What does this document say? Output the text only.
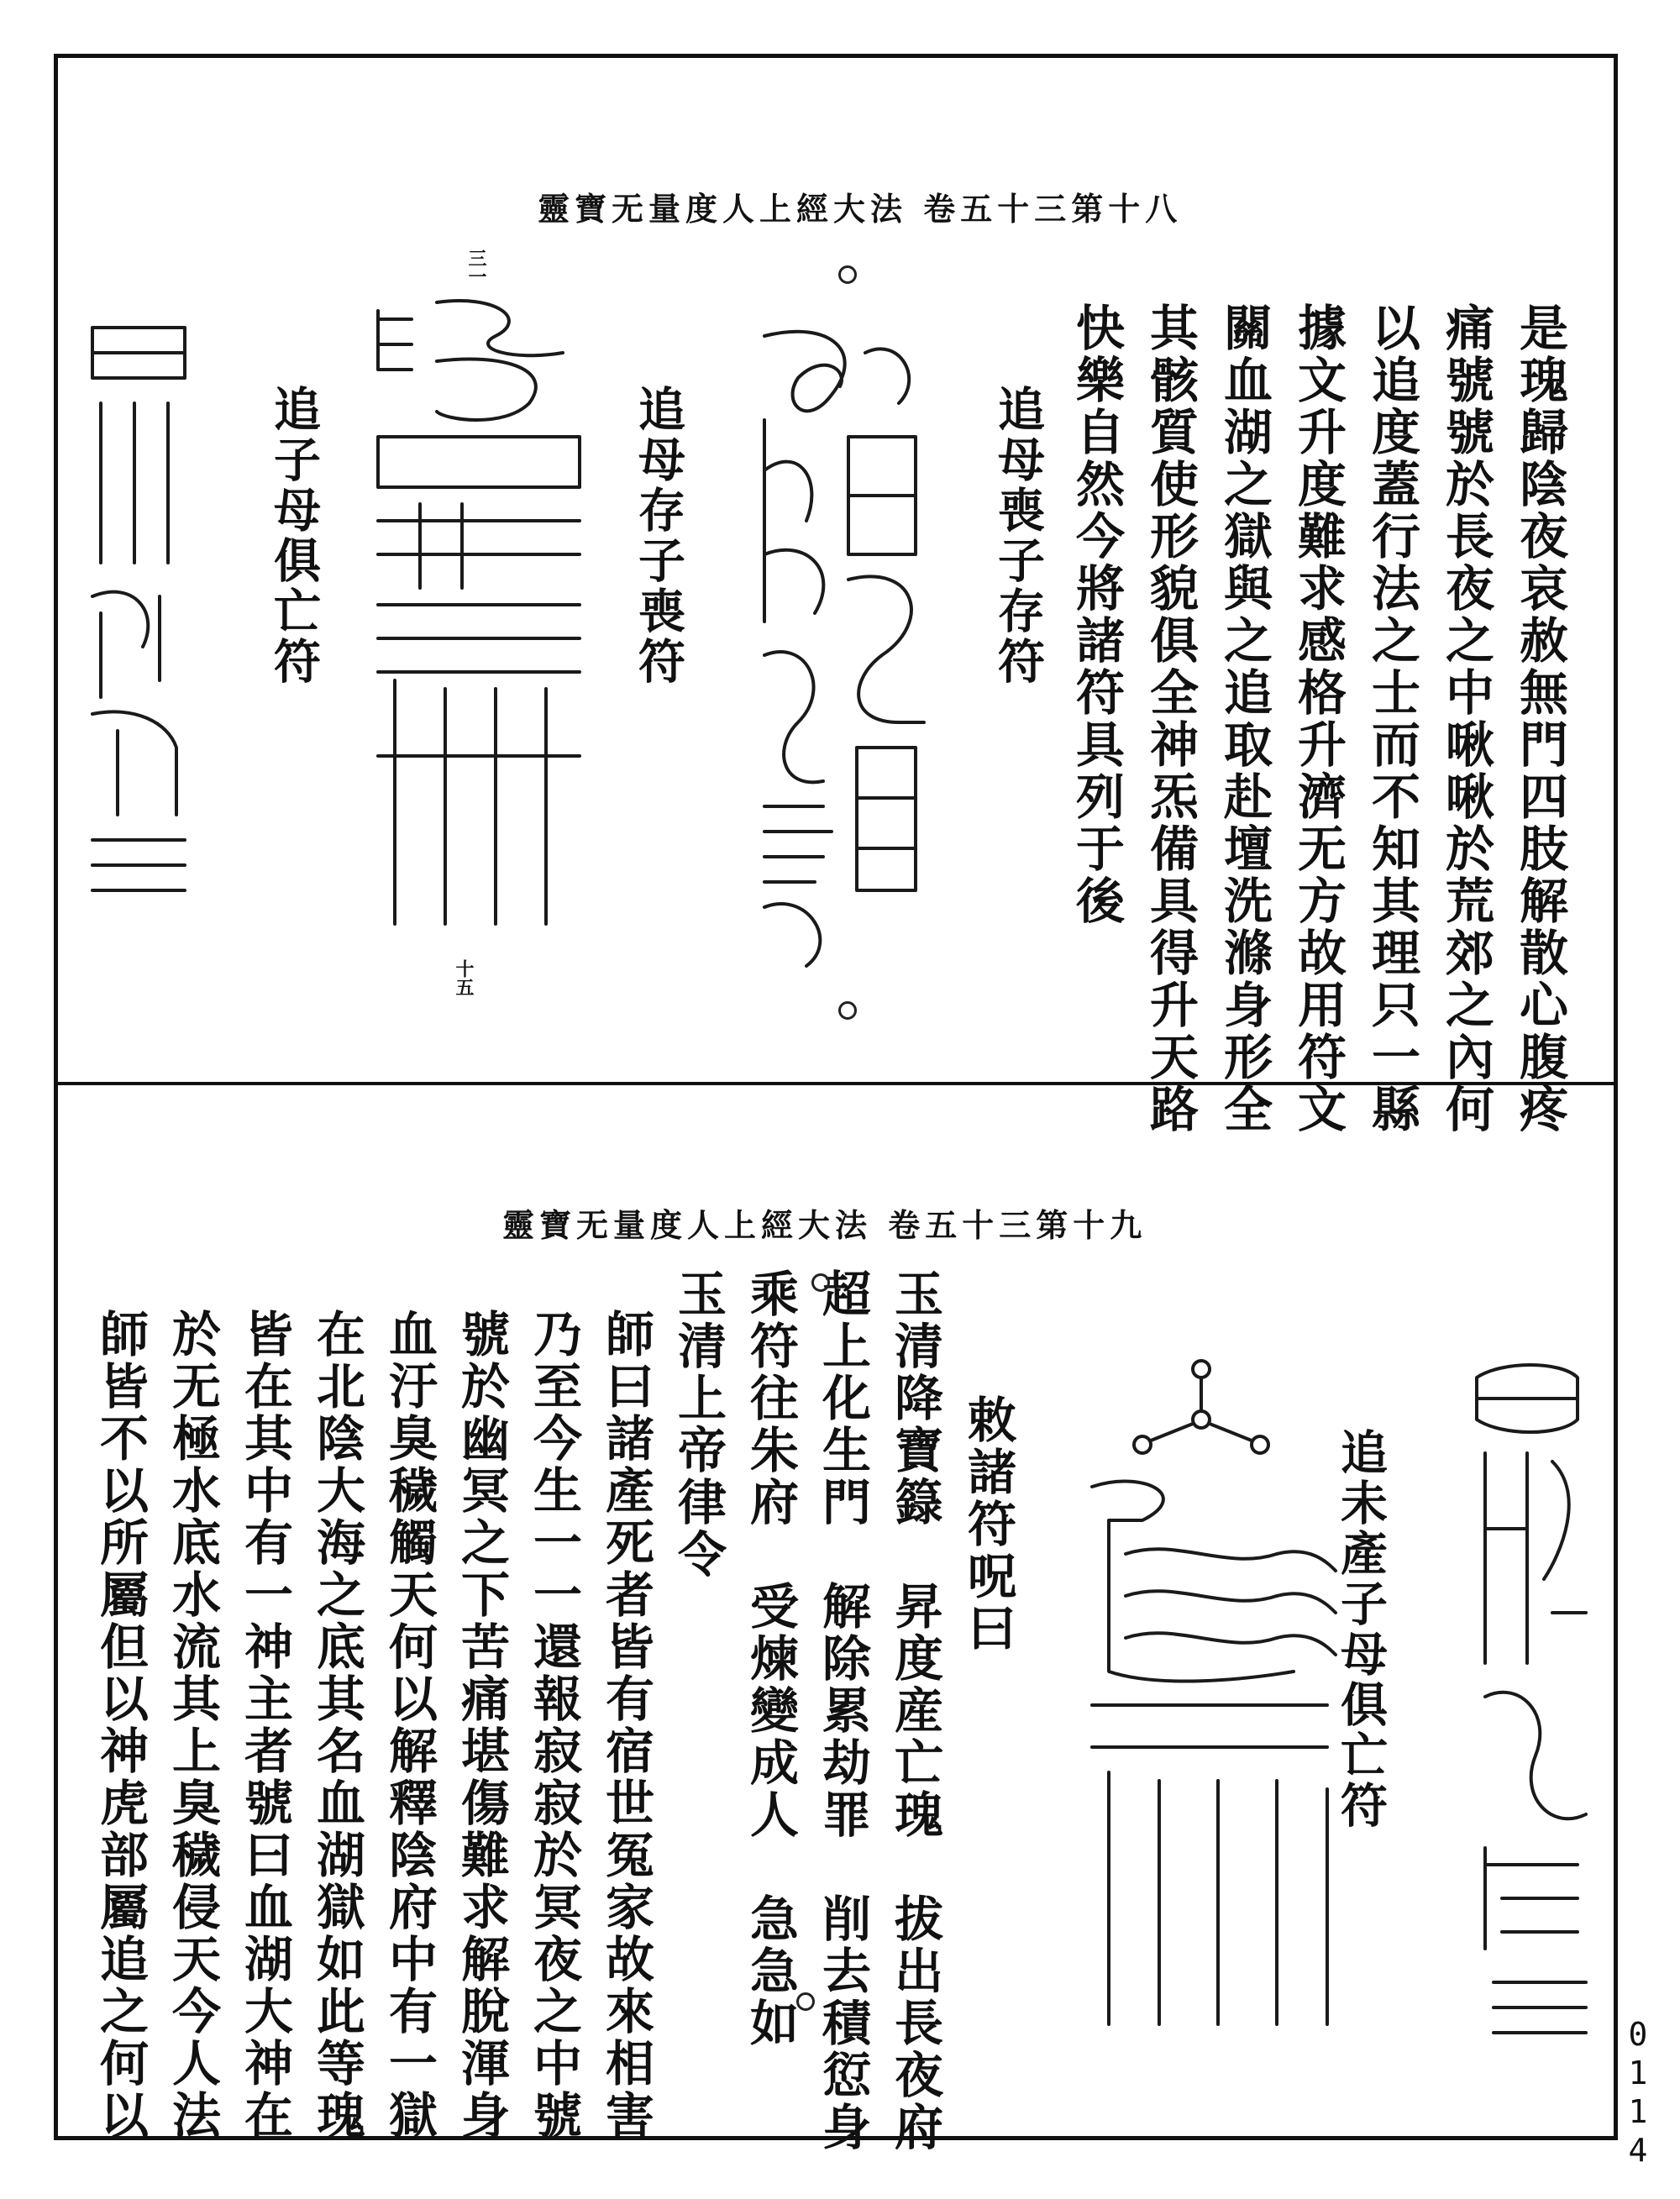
靈寶无量度人上經大法 卷五十三第十八
是瑰歸陰夜哀赦無門四肢解散心腹疼
痛號號於長夜之中啾啾於荒郊之內何
以追度蓋行法之士而不知其理只一縣
據文升度難求感格升濟无方故用符文
關血湖之獄與之追取赴壇洗滌身形全
其骸質使形貌俱全神炁備具得升天路
快樂自然今將諸符具列于後
追母喪子存符
追母存子喪符
追子母俱亡符
三一
十五
靈寶无量度人上經大法 卷五十三第十九
追未產子母俱亡符
敕諸符呪曰
玉清降寶籙　昇度産亡瑰　拔出長夜府
超上化生門　解除累劫罪　削去積愆身
乘符往朱府　受煉變成人　急急如
玉清上帝律令
師曰諸產死者皆有宿世冤家故來相害
乃至今生一一還報寂寂於冥夜之中號
號於幽冥之下苦痛堪傷難求解脫渾身
血汙臭穢觸天何以解釋陰府中有一獄
在北陰大海之底其名血湖獄如此等瑰
皆在其中有一神主者號曰血湖大神在
於无極水底水流其上臭穢侵天今人法
師皆不以所屬但以神虎部屬追之何以	0114
